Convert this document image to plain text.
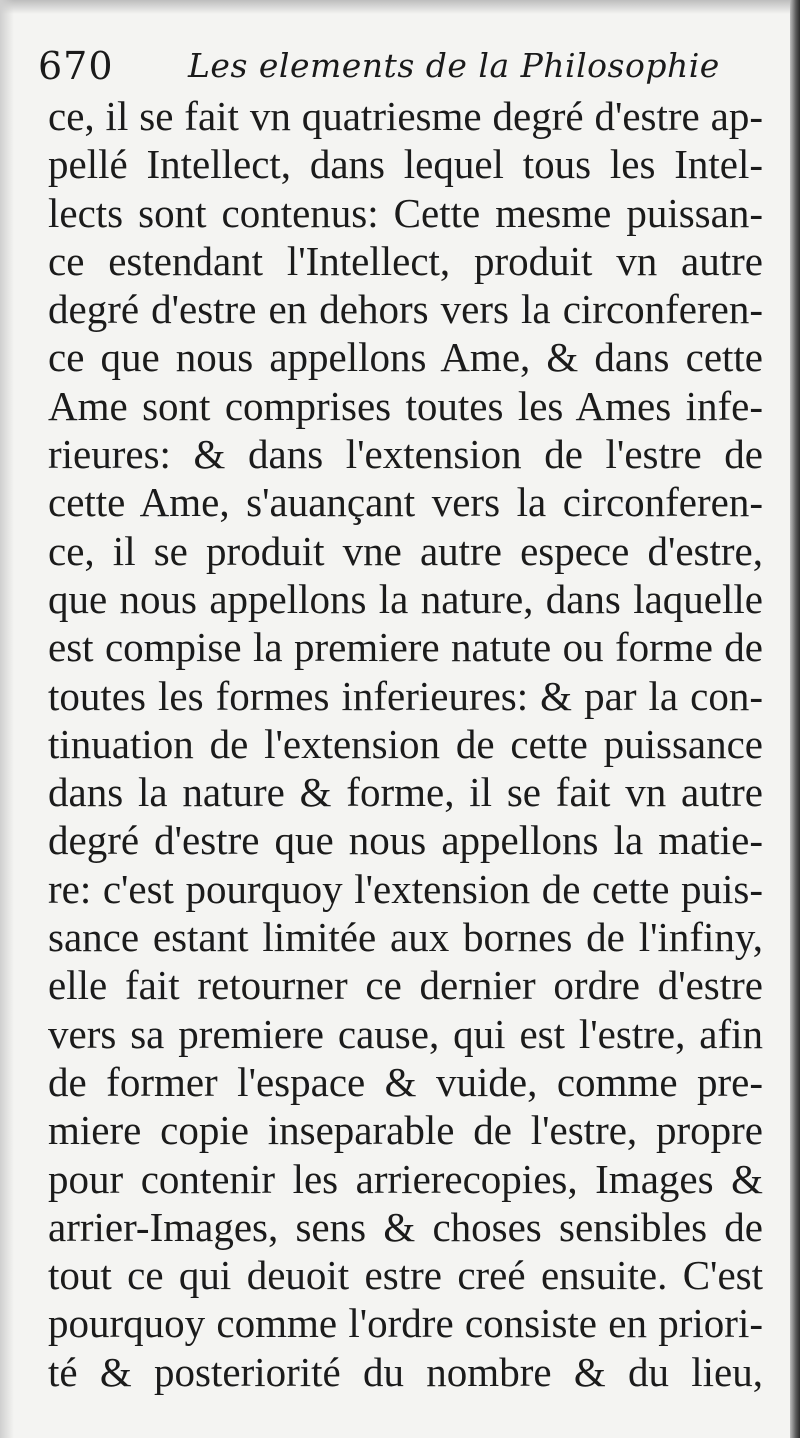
670 Les elements de la Philosophie
ce, il se fait vn quatriesme degré d'estre ap-
pellé Intellect, dans lequel tous les Intel-
lects sont contenus: Cette mesme puissan-
ce estendant l'Intellect, produit vn autre
degré d'estre en dehors vers la circonferen-
ce que nous appellons Ame, & dans cette
Ame sont comprises toutes les Ames infe-
rieures: & dans l'extension de l'estre de
cette Ame, s'auançant vers la circonferen-
ce, il se produit vne autre espece d'estre,
que nous appellons la nature, dans laquelle
est compise la premiere natute ou forme de
toutes les formes inferieures: & par la con-
tinuation de l'extension de cette puissance
dans la nature & forme, il se fait vn autre
degré d'estre que nous appellons la matie-
re: c'est pourquoy l'extension de cette puis-
sance estant limitée aux bornes de l'infiny,
elle fait retourner ce dernier ordre d'estre
vers sa premiere cause, qui est l'estre, afin
de former l'espace & vuide, comme pre-
miere copie inseparable de l'estre, propre
pour contenir les arrierecopies, Images &
arrier-Images, sens & choses sensibles de
tout ce qui deuoit estre creé ensuite. C'est
pourquoy comme l'ordre consiste en priori-
té & posteriorité du nombre & du lieu,
